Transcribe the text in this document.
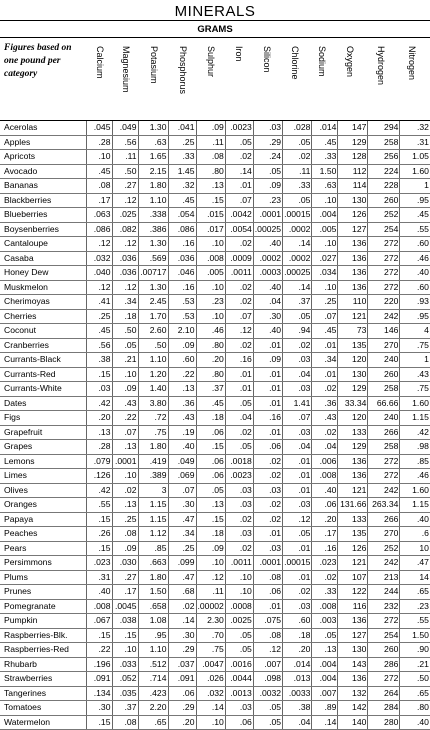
MINERALS
GRAMS
Figures based on one pound per category	Calcium Magnesium Potasium Phosphorus Sulphur Iron Silicon Chlorine Sodium Oxygen Hydrogen Nitrogen
Acerolas	.045	.049	1.30	.041	.09	.0023	.03	.028	.014	147	294	.32
Apples	.28	.56	.63	.25	.11	.05	.29	.05	.45	129	258	.31
Apricots	.10	.11	1.65	.33	.08	.02	.24	.02	.33	128	256	1.05
Avocado	.45	.50	2.15	1.45	.80	.14	.05	.11	1.50	112	224	1.60
Bananas	.08	.27	1.80	.32	.13	.01	.09	.33	.63	114	228	1
Blackberries	.17	.12	1.10	.45	.15	.07	.23	.05	.10	130	260	.95
Blueberries	.063	.025	.338	.054	.015	.0042	.0001	.00015	.004	126	252	.45
Boysenberries	.086	.082	.386	.086	.017	.0054	.00025	.0002	.005	127	254	.55
Cantaloupe	.12	.12	1.30	.16	.10	.02	.40	.14	.10	136	272	.60
Casaba	.032	.036	.569	.036	.008	.0009	.0002	.0002	.027	136	272	.46
Honey Dew	.040	.036	.00717	.046	.005	.0011	.0003	.00025	.034	136	272	.40
Muskmelon	.12	.12	1.30	.16	.10	.02	.40	.14	.10	136	272	.60
Cherimoyas	.41	.34	2.45	.53	.23	.02	.04	.37	.25	110	220	.93
Cherries	.25	.18	1.70	.53	.10	.07	.30	.05	.07	121	242	.95
Coconut	.45	.50	2.60	2.10	.46	.12	.40	.94	.45	73	146	4
Cranberries	.56	.05	.50	.09	.80	.02	.01	.02	.01	135	270	.75
Currants-Black	.38	.21	1.10	.60	.20	.16	.09	.03	.34	120	240	1
Currants-Red	.15	.10	1.20	.22	.80	.01	.01	.04	.01	130	260	.43
Currants-White	.03	.09	1.40	.13	.37	.01	.01	.03	.02	129	258	.75
Dates	.42	.43	3.80	.36	.45	.05	.01	1.41	.36	33.34	66.66	1.60
Figs	.20	.22	.72	.43	.18	.04	.16	.07	.43	120	240	1.15
Grapefruit	.13	.07	.75	.19	.06	.02	.01	.03	.02	133	266	.42
Grapes	.28	.13	1.80	.40	.15	.05	.06	.04	.04	129	258	.98
Lemons	.079	.0001	.419	.049	.06	.0018	.02	.01	.006	136	272	.85
Limes	.126	.10	.389	.069	.06	.0023	.02	.01	.008	136	272	.46
Olives	.42	.02	3	.07	.05	.03	.03	.01	.40	121	242	1.60
Oranges	.55	.13	1.15	.30	.13	.03	.02	.03	.06	131.66	263.34	1.15
Papaya	.15	.25	1.15	.47	.15	.02	.02	.12	.20	133	266	.40
Peaches	.26	.08	1.12	.34	.18	.03	.01	.05	.17	135	270	.6
Pears	.15	.09	.85	.25	.09	.02	.03	.01	.16	126	252	10
Persimmons	.023	.030	.663	.099	.10	.0011	.0001	.00015	.023	121	242	.47
Plums	.31	.27	1.80	.47	.12	.10	.08	.01	.02	107	213	14
Prunes	.40	.17	1.50	.68	.11	.10	.06	.02	.33	122	244	.65
Pomegranate	.008	.0045	.658	.02	.00002	.0008	.01	.03	.008	116	232	.23
Pumpkin	.067	.038	1.08	.14	2.30	.0025	.075	.60	.003	136	272	.55
Raspberries-Blk.	.15	.15	.95	.30	.70	.05	.08	.18	.05	127	254	1.50
Raspberries-Red	.22	.10	1.10	.29	.75	.05	.12	.20	.13	130	260	.90
Rhubarb	.196	.033	.512	.037	.0047	.0016	.007	.014	.004	143	286	.21
Strawberries	.091	.052	.714	.091	.026	.0044	.098	.013	.004	136	272	.50
Tangerines	.134	.035	.423	.06	.032	.0013	.0032	.0033	.007	132	264	.65
Tomatoes	.30	.37	2.20	.29	.14	.03	.05	.38	.89	142	284	.80
Watermelon	.15	.08	.65	.20	.10	.06	.05	.04	.14	140	280	.40
